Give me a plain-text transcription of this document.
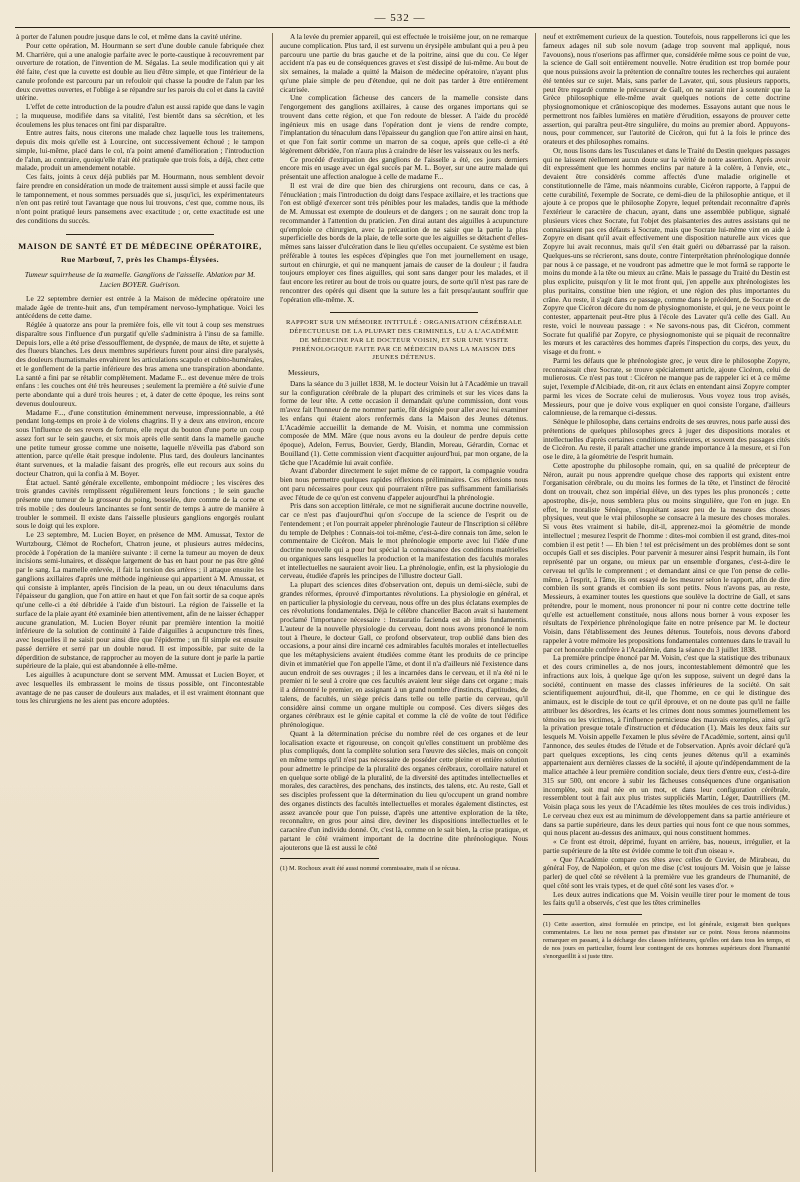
— 532 —

à porter de l'alunen poudre jusque dans le col, et même dans la cavité utérine.

Pour cette opération, M. Hourmann se sert d'une double canule fabriquée chez M. Charrière, qui a une analogie parfaite avec le porte-caustique à recouvrement par ouverture de rotation, de l'invention de M. Ségalas. La seule modification qui y ait été faite, c'est que la cuvette est double au lieu d'être simple, et que l'intérieur de la canule profonde est parcouru par un refouloir qui chasse la poudre de l'alun par les deux cuvettes ouvertes, et l'oblige à se répandre sur les parois du col et dans la cavité utérine.

L'effet de cette introduction de la poudre d'alun est aussi rapide que dans le vagin ; la muqueuse, modifiée dans sa vitalité, l'est bientôt dans sa sécrétion, et les écoulemens les plus tenaces ont fini par disparaître.

Entre autres faits, nous citerons une malade chez laquelle tous les traitemens, depuis dix mois qu'elle est à Lourcine, ont successivement échoué ; le tampon simple, lui-même, placé dans le col, n'a point amené d'amélioration ; l'introduction de l'alun, au contraire, quoiqu'elle n'ait été pratiquée que trois fois, a déjà, chez cette malade, produit un amendement notable.

Ces faits, joints à ceux déjà publiés par M. Hourmann, nous semblent devoir faire prendre en considération un mode de traitement aussi simple et aussi facile que le tamponnement, et nous sommes persuadés que si, jusqu'ici, les expérimentateurs n'en ont pas retiré tout l'avantage que nous lui trouvons, c'est que, comme nous, ils n'ont point pratiqué leurs pansemens avec exactitude ; or, cette exactitude est une des conditions du succès.

MAISON DE SANTÉ ET DE MÉDECINE OPÉRATOIRE,
Rue Marbœuf, 7, près les Champs-Élysées.
Tumeur squirrheuse de la mamelle. Ganglions de l'aisselle. Ablation par M. Lucien BOYER. Guérison.

Le 22 septembre dernier est entrée à la Maison de médecine opératoire une malade âgée de trente-huit ans, d'un tempérament nervoso-lymphatique. Voici les antécédens de cette dame.

Réglée à quatorze ans pour la première fois, elle vit tout à coup ses menstrues disparaître sous l'influence d'un purgatif qu'elle s'administra à l'insu de sa famille. Depuis lors, elle a été prise d'essoufflement, de dyspnée, de maux de tête, et sujette à des flueurs blanches. Les deux membres supérieurs furent pour ainsi dire paralysés, des douleurs rhumatismales envahirent les articulations scapulo et cubito-humérales, et le gonflement de la partie inférieure des bras amena une transpiration abondante. La santé a fini par se rétablir complètement. Madame F... est devenue mère de trois enfans : les couches ont été très heureuses ; seulement la première a été suivie d'une perte abondante qui a duré trois heures ; et, à dater de cette époque, les reins sont devenus douloureux.

Madame F..., d'une constitution éminemment nerveuse, impressionnable, a été pendant long-temps en proie à de violens chagrins. Il y a deux ans environ, encore sous l'influence de ses revers de fortune, elle reçut du bouton d'une porte un coup assez fort sur le sein gauche, et six mois après elle sentit dans la mamelle gauche une petite tumeur grosse comme une noisette, laquelle n'éveilla pas d'abord son attention, parce qu'elle était presque indolente. Plus tard, des douleurs lancinantes étant survenues, et la maladie faisant des progrès, elle eut recours aux soins du docteur Chatron, qui la confia à M. Boyer.

État actuel. Santé générale excellente, embonpoint médiocre ; les viscères des trois grandes cavités remplissent régulièrement leurs fonctions ; le sein gauche présente une tumeur de la grosseur du poing, bosselée, dure comme de la corne et très mobile ; des douleurs lancinantes se font sentir de temps à autre de manière à troubler le sommeil. Il existe dans l'aisselle plusieurs ganglions engorgés roulant sous le doigt qui les explore.

Le 23 septembre, M. Lucien Boyer, en présence de MM. Amussat, Textor de Wurtzbourg, Clémot de Rochefort, Chatron jeune, et plusieurs autres médecins, procède à l'opération de la manière suivante : il cerne la tumeur au moyen de deux incisions semi-lunaires, et dissèque largement de bas en haut pour ne pas être gêné par le sang. La mamelle enlevée, il fait la torsion des artères ; il attaque ensuite les ganglions axillaires d'après une méthode ingénieuse qui appartient à M. Amussat, et qui consiste à implanter, après l'incision de la peau, un ou deux ténaculums dans l'épaisseur du ganglion, que l'on attire en haut et que l'on fait sortir de sa coque après qu'une celle-ci a été débridée à l'aide d'un bistouri. La région de l'aisselle et la surface de la plaie ayant été examinée bien attentivement, afin de ne laisser échapper aucune granulation, M. Lucien Boyer réunit par première intention la moitié inférieure de la solution de continuité à l'aide d'aiguilles à acupuncture très fines, avec lesquelles il ne saisit pour ainsi dire que l'épiderme ; un fil simple est ensuite passé derrière et serré par un double nœud. Il est impossible, par suite de la déperdition de substance, de rapprocher au moyen de la suture dont je parle la partie supérieure de la plaie, qui est abandonnée à elle-même.

Les aiguilles à acupuncture dont se servent MM. Amussat et Lucien Boyer, et avec lesquelles ils embrassent le moins de tissus possible, ont l'incontestable avantage de ne pas causer de douleurs aux malades, et il est vraiment étonnant que tous les chirurgiens ne les aient pas encore adoptées.

A la levée du premier appareil, qui est effectuée le troisième jour, on ne remarque aucune complication. Plus tard, il est survenu un érysipèle ambulant qui a peu à peu parcouru une partie du bras gauche et de la poitrine, ainsi que du cou. Ce léger accident n'a pas eu de conséquences graves et s'est dissipé de lui-même. Au bout de six semaines, la malade a quitté la Maison de médecine opératoire, n'ayant plus qu'une plaie simple de peu d'étendue, qui ne doit pas tarder à être entièrement cicatrisée.

Une complication fâcheuse des cancers de la mamelle consiste dans l'engorgement des ganglions axillaires, à cause des organes importans qui se trouvent dans cette région, et que l'on redoute de blesser. A l'aide du procédé ingénieux mis en usage dans l'opération dont je viens de rendre compte, l'implantation du ténaculum dans l'épaisseur du ganglion que l'on attire ainsi en haut, et que l'on fait sortir comme un marron de sa coque, après que celle-ci a été légèrement débridée, l'on n'aura plus à craindre de léser les vaisseaux ou les nerfs.

Ce procédé d'extirpation des ganglions de l'aisselle a été, ces jours derniers encore mis en usage avec un égal succès par M. L. Boyer, sur une autre malade qui présentait une affection analogue à celle de madame F...

Il est vrai de dire que bien des chirurgiens ont recouru, dans ce cas, à l'énucléation ; mais l'introduction du doigt dans l'espace axillaire, et les tractions que l'on est obligé d'exercer sont très pénibles pour les malades, tandis que la méthode de M. Amussat est exempte de douleurs et de dangers ; on ne saurait donc trop la recommander à l'attention du praticien. J'en dirai autant des aiguilles à acupuncture qu'emploie ce chirurgien, avec la précaution de ne saisir que la partie la plus superficielle des bords de la plaie, de telle sorte que les aiguilles se détachent d'elles-mêmes sans laisser d'ulcération dans le lieu qu'elles occupaient. Ce système est bien préférable à toutes les espèces d'épingles que l'on met journellement en usage, surtout en chirurgie, et qui ne manquent jamais de causer de la douleur ; il faudra toujours employer ces fines aiguilles, qui sont sans danger pour les malades, et il faut encore les retirer au bout de trois ou quatre jours, de sorte qu'il n'est pas rare de rencontrer des opérés qui disent que la suture les a fait presqu'autant souffrir que l'opération elle-même. X.

RAPPORT SUR UN MÉMOIRE INTITULÉ : ORGANISATION CÉRÉBRALE DÉFECTUEUSE DE LA PLUPART DES CRIMINELS, LU A L'ACADÉMIE DE MÉDECINE PAR LE DOCTEUR VOISIN, ET SUR UNE VISITE PHRÉNOLOGIQUE FAITE PAR CE MÉDECIN DANS LA MAISON DES JEUNES DÉTENUS.
Messieurs,

Dans la séance du 3 juillet 1838, M. le docteur Voisin lut à l'Académie un travail sur la configuration cérébrale de la plupart des criminels et sur les vices dans la forme de leur tête. A cette occasion il demandait qu'une commission, dont vous m'avez fait l'honneur de me nommer partie, fût désignée pour aller avec lui examiner les enfans qui étaient alors renfermés dans la Maison des Jeunes détenus. L'Académie accueillit la demande de M. Voisin, et nomma une commission composée de MM. Mâre (que nous avons eu la douleur de perdre depuis cette époque), Adelon, Ferrus, Bouvier, Gerdy, Blandin, Moreau, Gérardin, Cornac et Bouilland (1). Cette commission vient d'acquitter aujourd'hui, par mon organe, de la tâche que l'Académie lui avait confiée.

Avant d'aborder directement le sujet même de ce rapport, la compagnie voudra bien nous permettre quelques rapides réflexions préliminaires. Ces réflexions nous ont paru nécessaires pour ceux qui pourraient n'être pas suffisamment familiarisés avec l'étude de ce qu'on est convenu d'appeler aujourd'hui la phrénologie.

Pris dans son acception littérale, ce mot ne signifierait aucune doctrine nouvelle, car ce n'est pas d'aujourd'hui qu'on s'occupe de la science de l'esprit ou de l'entendement ; et l'on pourrait appeler phrénologie l'auteur de l'Inscription si célèbre du temple de Delphes : Connais-toi toi-même, c'est-à-dire connais ton âme, selon le commentaire de Cicéron. Mais le mot phrénologie emporte avec lui l'idée d'une doctrine nouvelle qui a pour but spécial la connaissance des conditions matérielles ou organiques sans lesquelles la production et la manifestation des facultés morales et intellectuelles ne sauraient avoir lieu. La phrénologie, enfin, est la physiologie du cerveau, étudiée d'après les principes de l'illustre docteur Gall.

La plupart des sciences dites d'observation ont, depuis un demi-siècle, subi de grandes réformes, éprouvé d'importantes révolutions. La physiologie en général, et en particulier la physiologie du cerveau, nous offre un des plus éclatans exemples de ces révolutions fondamentales. Déjà le célèbre chancelier Bacon avait si hautement proclamé l'importance nécessaire : Instauratio facienda est ab imis fundamentis. L'auteur de la nouvelle physiologie du cerveau, dont nous avons prononcé le nom tout à l'heure, le docteur Gall, ce profond observateur, trop oublié dans bien des occasions, a pour ainsi dire incarné ces admirables facultés morales et intellectuelles que les métaphysiciens avaient étudiées comme étant les produits de ce principe divin et immatériel que l'on appelle l'âme, et dont il n'a d'ailleurs nié l'existence dans aucun endroit de ses ouvrages ; il les a incarnées dans le cerveau, et il n'a été ni le premier ni le seul à croire que ces facultés avaient leur siège dans cet organe ; mais il a démontré le premier, en assignant à un grand nombre d'instincts, d'aptitudes, de talens, de facultés, un siège précis dans telle ou telle partie du cerveau, qu'il considère ainsi comme un organe multiple ou composé. Ces divers sièges des organes cérébraux est le génie capital et comme la clé de voûte de tout l'édifice phrénologique.

Quant à la détermination précise du nombre réel de ces organes et de leur localisation exacte et rigoureuse, on conçoit qu'elles constituent un problème des plus compliqués, dont la complète solution sera l'œuvre des siècles, mais on conçoit en même temps qu'il n'est pas nécessaire de posséder cette pleine et entière solution pour admettre le principe de la pluralité des organes cérébraux, corollaire naturel et en quelque sorte obligé de la pluralité, de la diversité des aptitudes intellectuelles et morales, des caractères, des penchans, des instincts, des talens, etc. Au reste, Gall et ses disciples professent que la détermination du lieu qu'occupent un grand nombre des organes distincts des facultés intellectuelles et morales également distinctes, est assez avancée pour que l'on puisse, d'après une attentive exploration de la tête, reconnaître, en gros pour ainsi dire, deviner les dispositions intellectuelles et le caractère d'un individu donné. Or, c'est là, comme on le sait bien, la crise pratique, et partant le côté vraiment important de la doctrine dite phrénologique. Nous ajouterons que là est aussi le côté

(1) M. Rochoux avait été aussi nommé commissaire, mais il se récusa.

neuf et extrêmement curieux de la question. Toutefois, nous rappellerons ici que les fameux adages nil sub sole novum (adage trop souvent mal appliqué, nous l'avouons), nous n'oserions pas affirmer que, considérée même sous ce point de vue, la science de Gall soit entièrement nouvelle. Notre érudition est trop bornée pour que nous puissions avoir la prétention de connaître toutes les recherches qui auraient été tentées sur ce sujet. Mais, sans parler de Lavater, qui, sous plusieurs rapports, peut être regardé comme le précurseur de Gall, on ne saurait nier à soutenir que la Grèce philosophique elle-même avait quelques notions de cette doctrine physiognomonique et crânioscopique des modernes. Essayons autant que nous le permettront nos faibles lumières en matière d'érudition, essayons de prouver cette assertion, qui paraîtra peut-être singulière, du moins au premier abord. Appuyons-nous, pour commencer, sur l'autorité de Cicéron, qui fut à la fois le prince des orateurs et des philosophes romains.

Or, nous lisons dans les Tusculanes et dans le Traité du Destin quelques passages qui ne laissent réellement aucun doute sur la vérité de notre assertion. Après avoir dit expressément que les hommes enclins par nature à la colère, à l'envie, etc., devaient être considérés comme affectés d'une maladie originelle et constitutionnelle de l'âme, mais néanmoins curable, Cicéron rapporte, à l'appui de cette curabilité, l'exemple de Socrate, ce demi-dieu de la philosophie antique, et il ajoute à ce propos que le philosophe Zopyre, lequel prétendait reconnaître d'après l'extérieur le caractère de chacun, ayant, dans une assemblée publique, signalé plusieurs vices chez Socrate, fut l'objet des plaisanteries des autres assistans qui ne connaissaient pas ces défauts à Socrate, mais que Socrate lui-même vint en aide à Zopyre en disant qu'il avait effectivement une disposition naturelle aux vices que Zopyre lui avait reconnus, mais qu'il s'en était guéri ou débarrassé par la raison. Quelques-uns se récrieront, sans doute, contre l'interprétation phrénologique donnée par nous à ce passage, et ne voudront pas admettre que le mot formâ se rapporte le moins du monde à la tête ou mieux au crâne. Mais le passage du Traité du Destin est plus explicite, puisqu'on y lit le mot front qui, j'en appelle aux phrénologistes les plus puritains, constitue bien une région, et une région des plus importantes du crâne. Au reste, il s'agit dans ce passage, comme dans le précédent, de Socrate et de Zopyre que Cicéron décore du nom de physiognomoniste, et qui, je ne veux point le contester, appartenait peut-être plus à l'école des Lavater qu'à celle des Gall. Au reste, voici le nouveau passage : « Ne savons-nous pas, dit Cicéron, comment Socrate fut qualifié par Zopyre, ce physiognomoniste qui se piquait de reconnaître les mœurs et les caractères des hommes d'après l'inspection du corps, des yeux, du visage et du front. »

Parmi les défauts que le phrénologiste grec, je veux dire le philosophe Zopyre, reconnaissait chez Socrate, se trouve spécialement article, ajoute Cicéron, celui de mulierosus. Ce n'est pas tout : Cicéron ne manque pas de rappeler ici et à ce même sujet, l'exemple d'Alcibiade, dit-on, rit aux éclats en entendant ainsi Zopyre compter parmi les vices de Socrate celui de mulierosus. Vous voyez tous trop avisés, Messieurs, pour que je doive vous expliquer en quoi consiste l'organe, d'ailleurs calomnieuse, de la remarque ci-dessus.

Sénèque le philosophe, dans certains endroits de ses œuvres, nous parle aussi des prétentions de quelques philosophes grecs à juger des dispositions morales et intellectuelles d'après certaines conditions extérieures, et souvent des passages cités de Cicéron. Au reste, il paraît attacher une grande importance à la mesure, et si l'on ose le dire, à la géométrie de l'esprit humain.

Cette apostrophe du philosophe romain, qui, en sa qualité de précepteur de Néron, aurait pu nous apprendre quelque chose des rapports qui existent entre l'organisation cérébrale, ou du moins les formes de la tête, et l'instinct de férocité dont on trouvait, chez son impérial élève, un des types les plus prononcés ; cette apostrophe, dis-je, nous semblera plus ou moins singulière, que l'on en juge. En effet, le moraliste Sénèque, s'inquiétant assez peu de la mesure des choses physiques, veut que le vrai philosophe se consacre à la mesure des choses morales. Si vous êtes vraiment si habile, dit-il, apprenez-moi la géométrie de monde intellectuel ; mesurez l'esprit de l'homme : dites-moi combien il est grand, dites-moi combien il est petit ! — Eh bien ! tel est précisément un des problèmes dont se sont occupés Gall et ses disciples. Pour parvenir à mesurer ainsi l'esprit humain, ils l'ont représenté par un organe, ou mieux par un ensemble d'organes, c'est-à-dire le cerveau tel qu'ils le comprennent ; et demandant ainsi ce que l'on pense de celle-même, à l'esprit, à l'âme, ils ont essayé de les mesurer selon le rapport, afin de dire combien ils sont grands et combien ils sont petits. Nous n'avons pas, au reste, Messieurs, à examiner toutes les questions que soulève la doctrine de Gall, et sans prétendre, pour le moment, nous prononcer ni pour ni contre cette doctrine telle qu'elle est actuellement constituée, nous allons nous borner à vous exposer les résultats de l'expérience phrénologique faite en notre présence par M. le docteur Voisin, dans l'établissement des Jeunes détenus. Toutefois, nous devons d'abord rappeler à votre mémoire les propositions fondamentales contenues dans le travail lu par cet honorable confrère à l'Académie, dans la séance du 3 juillet 1838.

La première principe énoncé par M. Voisin, c'est que la statistique des tribunaux et des cours criminelles a, de nos jours, incontestablement démontré que les infractions aux lois, à quelque âge qu'on les suppose, suivent un degré dans la société, continuent en masse des classes inférieures de la société. On sait scientifiquement aujourd'hui, dit-il, que l'homme, en ce qui le distingue des animaux, est le disciple de tout ce qu'il éprouve, et on ne doute pas qu'il ne faille attribuer les désordres, les écarts et les crimes dont nous sommes journellement les témoins ou les victimes, à l'influence pernicieuse des mauvais exemples, ainsi qu'à la privation presque totale d'instruction et d'éducation (1). Mais les deux faits sur lesquels M. Voisin appelle l'examen le plus sévère de l'Académie, sortent, ainsi qu'il l'annonce, des seules études de l'étude et de l'observation. Après avoir déclaré qu'à part quelques exceptions, les cinq cents jeunes détenus qu'il a examinés appartenaient aux dernières classes de la société, il ajoute qu'indépendamment de la malice attachée à leur première condition sociale, deux tiers d'entre eux, c'est-à-dire 315 sur 500, ont encore à subir les fâcheuses conséquences d'une organisation incomplète, soit mal née en un mot, et dans leur configuration cérébrale, ressemblent tout à fait aux plus tristes suppliciés Martin, Léger, Dautrilliers (M. Voisin plaça sous les yeux de l'Académie les têtes moulées de ces trois individus.) Le cerveau chez eux est au minimum de développement dans sa partie antérieure et dans sa partie supérieure, dans les deux parties qui nous font ce que nous sommes, qui nous placent au-dessus des animaux, qui nous constituent hommes.

« Ce front est étroit, déprimé, fuyant en arrière, bas, noueux, irrégulier, et la partie supérieure de la tête est évidée comme le toit d'un oiseau ».

« Que l'Académie compare ces têtes avec celles de Cuvier, de Mirabeau, du général Foy, de Napoléon, et qu'on me dise (c'est toujours M. Voisin que je laisse parler) de quel côté se révèlent à la première vue les grandeurs de l'humanité, de quel côté sont les vrais types, et de quel côté sont les vases d'or. »

Les deux autres indications que M. Voisin veuille tirer pour le moment de tous les faits qu'il a observés, c'est que les têtes criminelles

(1) Cette assertion, ainsi formulée en principe, est loi générale, exigerait bien quelques commentaires. Le lieu ne nous permet pas d'insister sur ce point. Nous ferons néanmoins remarquer en passant, à la décharge des classes inférieures, qu'elles ont dans tous les temps, et de nos jours en particulier, fourni leur contingent de ces hommes supérieurs dont l'humanité s'enorgueillit à si juste titre.
